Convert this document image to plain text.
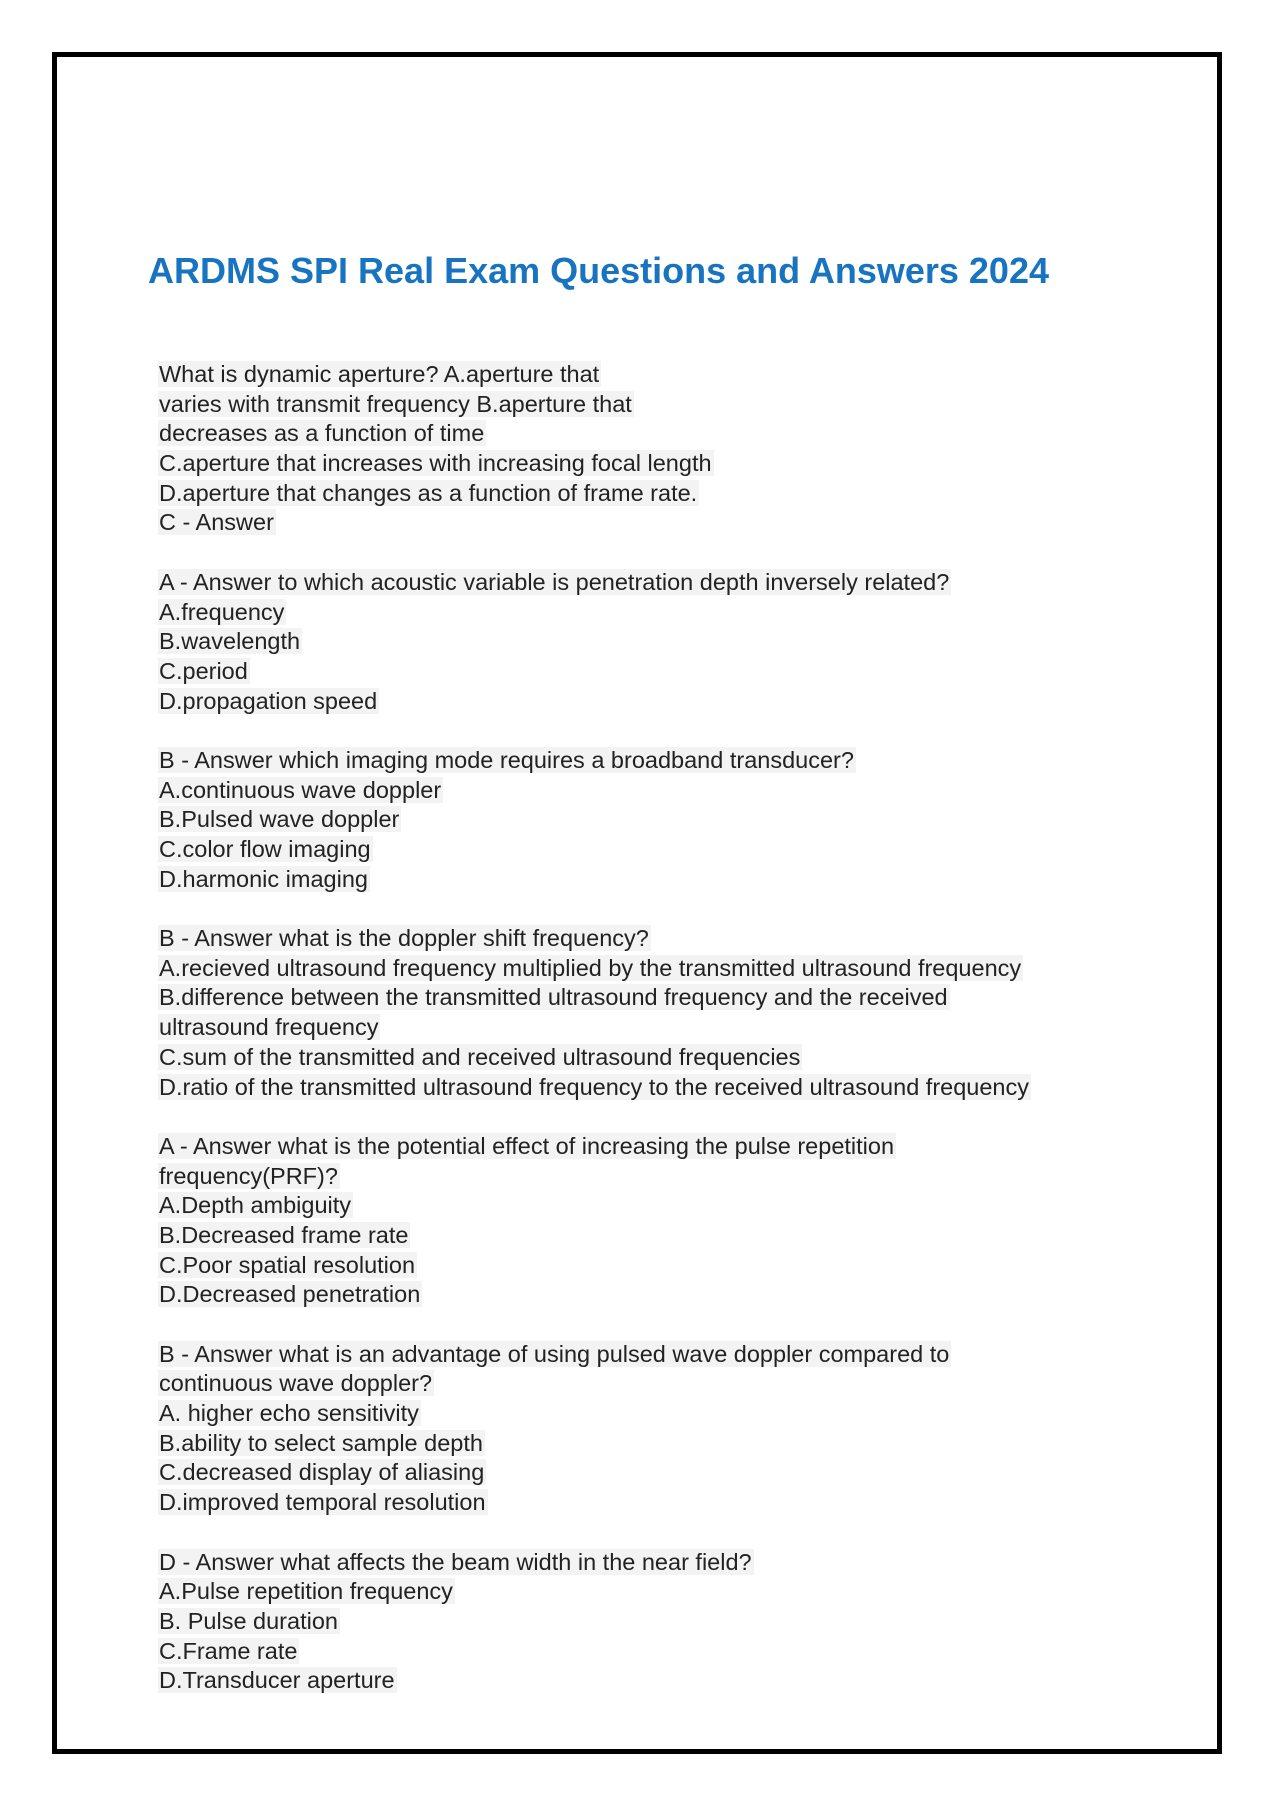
ARDMS SPI Real Exam Questions and Answers 2024
What is dynamic aperture? A.aperture that
varies with transmit frequency B.aperture that
decreases as a function of time
C.aperture that increases with increasing focal length
D.aperture that changes as a function of frame rate.
C - Answer
A - Answer to which acoustic variable is penetration depth inversely related?
A.frequency
B.wavelength
C.period
D.propagation speed
B - Answer which imaging mode requires a broadband transducer?
A.continuous wave doppler
B.Pulsed wave doppler
C.color flow imaging
D.harmonic imaging
B - Answer what is the doppler shift frequency?
A.recieved ultrasound frequency multiplied by the transmitted ultrasound frequency
B.difference between the transmitted ultrasound frequency and the received
ultrasound frequency
C.sum of the transmitted and received ultrasound frequencies
D.ratio of the transmitted ultrasound frequency to the received ultrasound frequency
A - Answer what is the potential effect of increasing the pulse repetition
frequency(PRF)?
A.Depth ambiguity
B.Decreased frame rate
C.Poor spatial resolution
D.Decreased penetration
B - Answer what is an advantage of using pulsed wave doppler compared to
continuous wave doppler?
A. higher echo sensitivity
B.ability to select sample depth
C.decreased display of aliasing
D.improved temporal resolution
D - Answer what affects the beam width in the near field?
A.Pulse repetition frequency
B. Pulse duration
C.Frame rate
D.Transducer aperture
